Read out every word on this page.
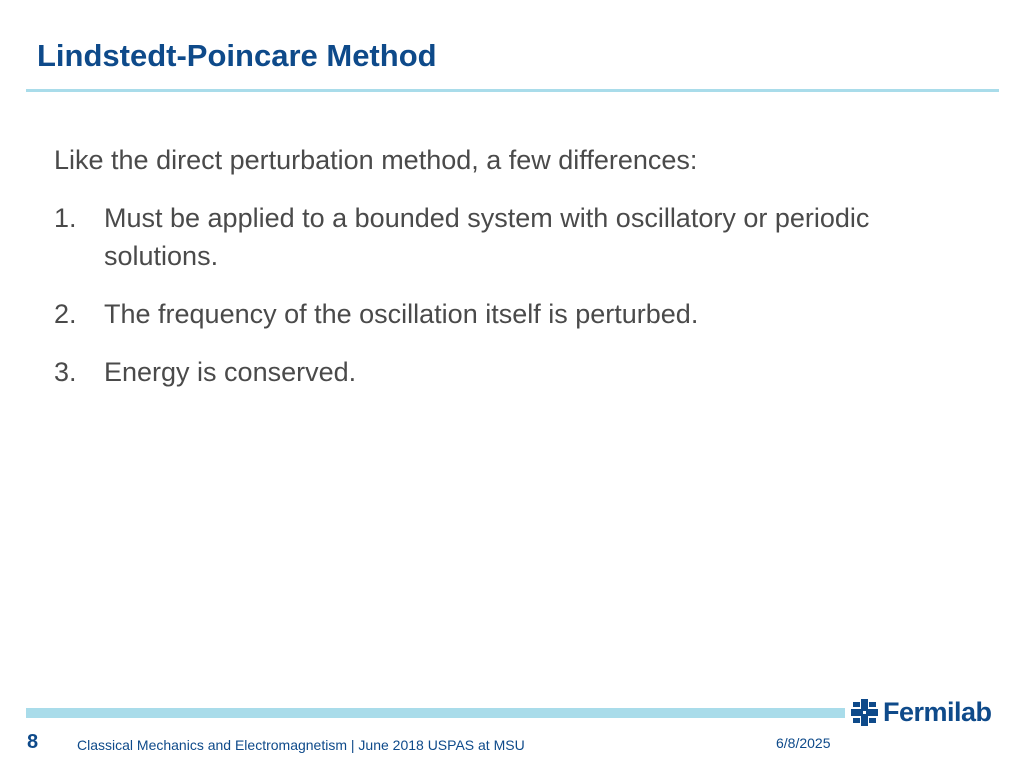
Lindstedt-Poincare Method

Like the direct perturbation method, a few differences:

1.	Must be applied to a bounded system with oscillatory or periodic solutions.
2.	The frequency of the oscillation itself is perturbed.
3.	Energy is conserved.
Fermilab
8	Classical Mechanics and Electromagnetism | June 2018 USPAS at MSU	6/8/2025
